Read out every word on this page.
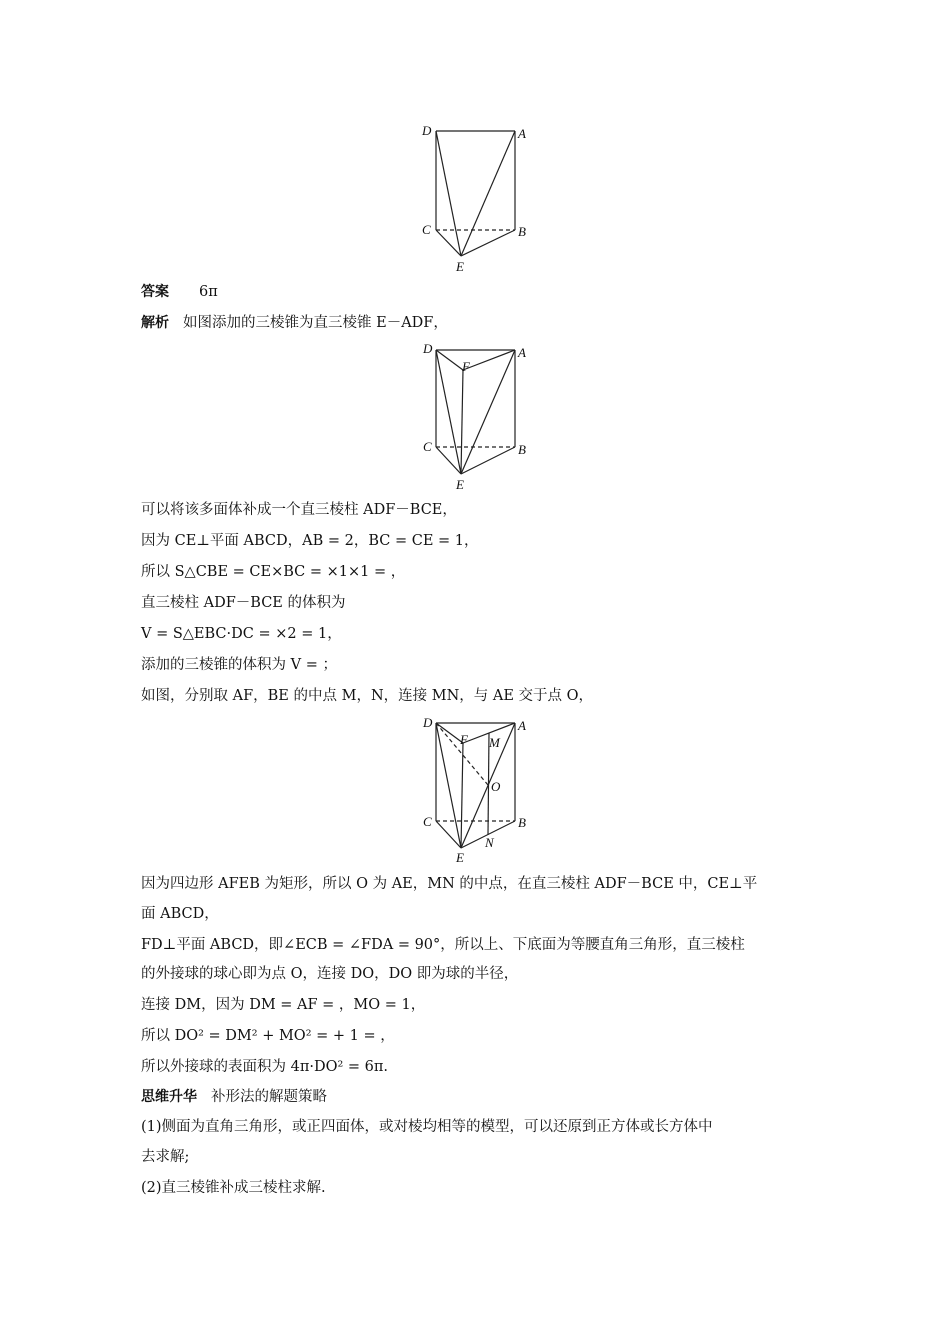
D	A
C	B
E
答案 6π
解析 如图添加的三棱锥为直三棱锥 E－ADF，
D	A
F
C	B
E
可以将该多面体补成一个直三棱柱 ADF－BCE，
因为 CE⊥平面 ABCD，AB = 2，BC = CE = 1，
所以 S△CBE = CE×BC = ×1×1 = ，
直三棱柱 ADF－BCE 的体积为
V = S△EBC·DC = ×2 = 1，
添加的三棱锥的体积为 V = ；
如图，分别取 AF，BE 的中点 M，N，连接 MN，与 AE 交于点 O，
D	A
F M
O
C	B
E
N
因为四边形 AFEB 为矩形，所以 O 为 AE，MN 的中点，在直三棱柱 ADF－BCE 中，CE⊥平
面 ABCD，
FD⊥平面 ABCD，即∠ECB = ∠FDA = 90°，所以上、下底面为等腰直角三角形，直三棱柱
的外接球的球心即为点 O，连接 DO，DO 即为球的半径，
连接 DM，因为 DM = AF = ，MO = 1，
所以 DO² = DM² + MO² = + 1 = ，
所以外接球的表面积为 4π·DO² = 6π.
思维升华 补形法的解题策略
(1)侧面为直角三角形，或正四面体，或对棱均相等的模型，可以还原到正方体或长方体中
去求解;
(2)直三棱锥补成三棱柱求解.
